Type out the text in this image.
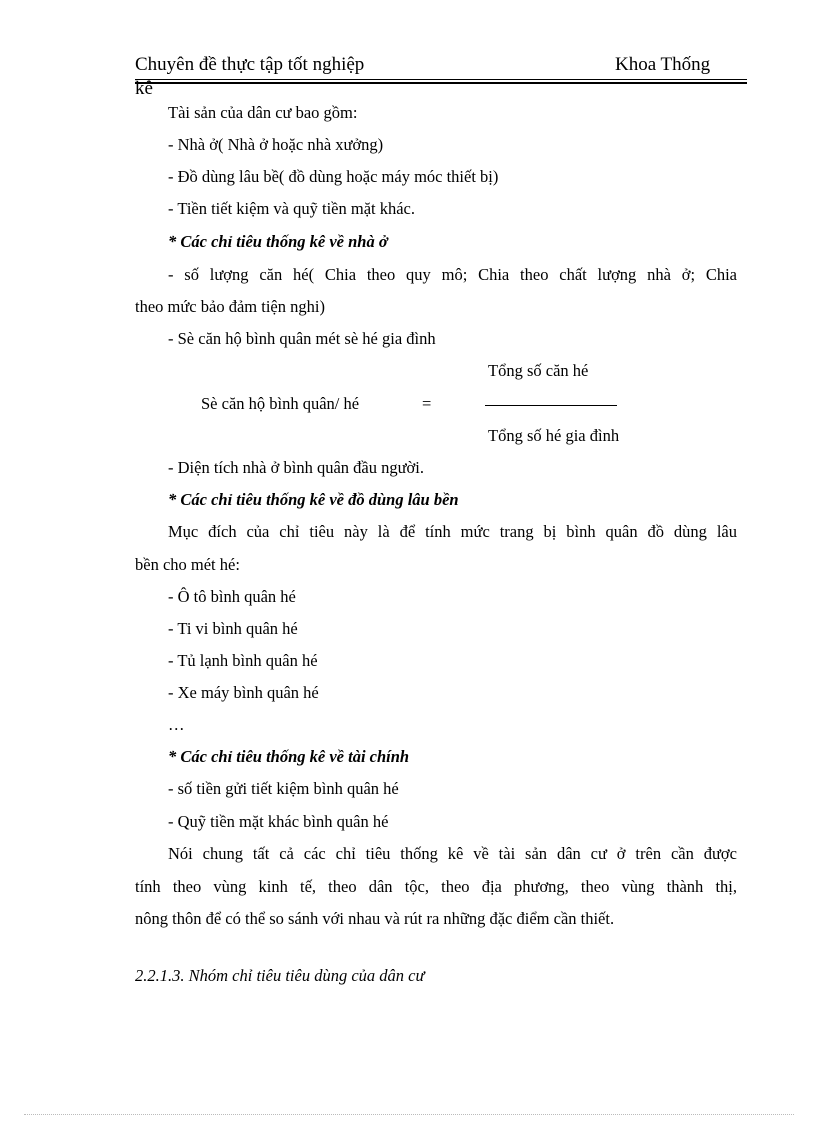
Chuyên đề thực tập tốt nghiệp	Khoa Thống
kê
Tài sản của dân cư bao gồm:
- Nhà ở( Nhà ở hoặc nhà xưởng)
- Đồ dùng lâu bề( đồ dùng hoặc máy móc thiết bị)
- Tiền tiết kiệm và quỹ tiền mặt khác.
* Các chỉ tiêu thống kê về nhà ở
- số lượng căn hé( Chia theo quy mô; Chia theo chất lượng nhà ở; Chia
theo mức bảo đảm tiện nghi)
- Sè căn hộ bình quân mét sè hé gia đình
Tổng số căn hé
Sè căn hộ bình quân/ hé	=
Tổng số hé gia đình
- Diện tích nhà ở bình quân đầu người.
* Các chỉ tiêu thống kê về đồ dùng lâu bền
Mục đích của chỉ tiêu này là để tính mức trang bị bình quân đồ dùng lâu
bền cho mét hé:
- Ô tô bình quân hé
- Ti vi bình quân hé
- Tủ lạnh bình quân hé
- Xe máy bình quân hé
…
* Các chỉ tiêu thống kê về tài chính
- số tiền gửi tiết kiệm bình quân hé
- Quỹ tiền mặt khác bình quân hé
Nói chung tất cả các chỉ tiêu thống kê về tài sản dân cư ở trên cần được
tính theo vùng kinh tế, theo dân tộc, theo địa phương, theo vùng thành thị,
nông thôn để có thể so sánh với nhau và rút ra những đặc điểm cần thiết.
2.2.1.3. Nhóm chỉ tiêu tiêu dùng của dân cư
